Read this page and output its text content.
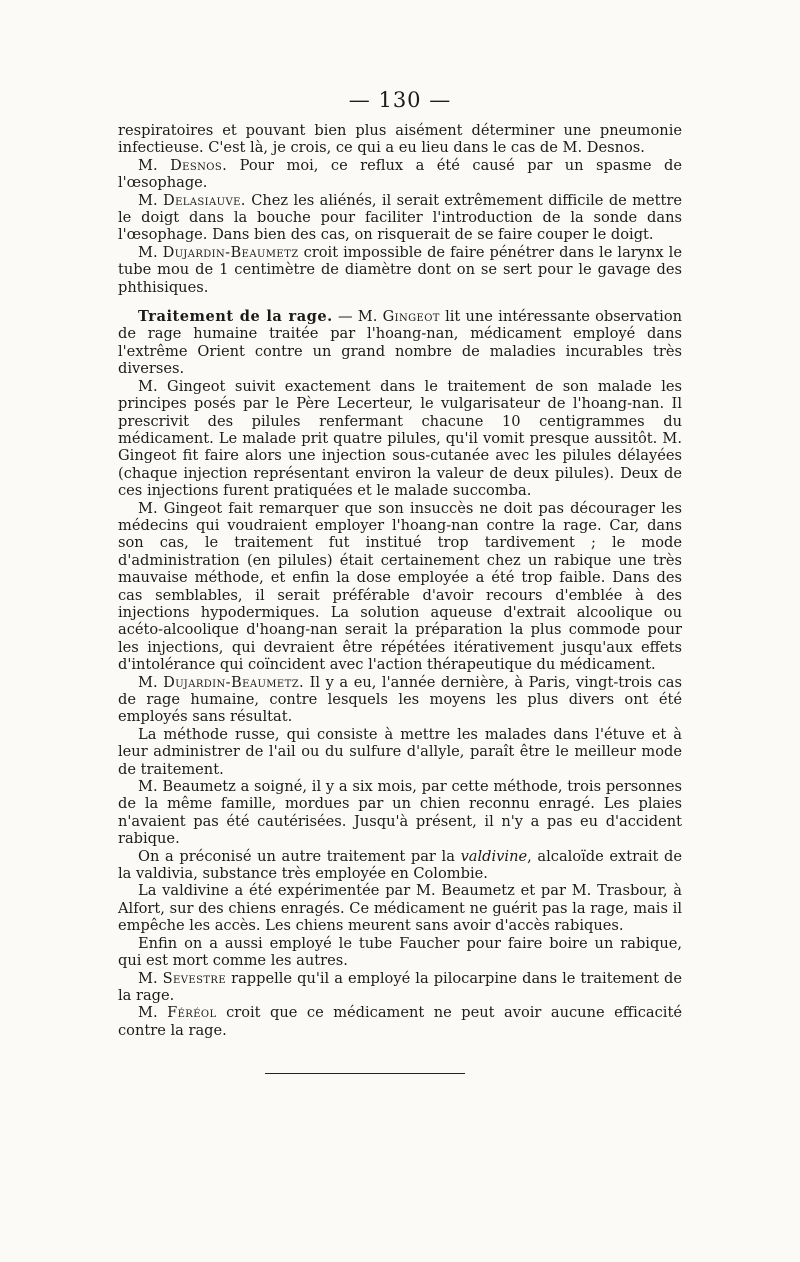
— 130 —

respiratoires et pouvant bien plus aisément déterminer une pneumonie infectieuse. C'est là, je crois, ce qui a eu lieu dans le cas de M. Desnos.

M. Desnos. Pour moi, ce reflux a été causé par un spasme de l'œsophage.

M. Delasiauve. Chez les aliénés, il serait extrêmement difficile de mettre le doigt dans la bouche pour faciliter l'introduction de la sonde dans l'œsophage. Dans bien des cas, on risquerait de se faire couper le doigt.

M. Dujardin-Beaumetz croit impossible de faire pénétrer dans le larynx le tube mou de 1 centimètre de diamètre dont on se sert pour le gavage des phthisiques.

Traitement de la rage. — M. Gingeot lit une intéressante observation de rage humaine traitée par l'hoang-nan, médicament employé dans l'extrême Orient contre un grand nombre de maladies incurables très diverses.

M. Gingeot suivit exactement dans le traitement de son malade les principes posés par le Père Lecerteur, le vulgarisateur de l'hoang-nan. Il prescrivit des pilules renfermant chacune 10 centigrammes du médicament. Le malade prit quatre pilules, qu'il vomit presque aussitôt. M. Gingeot fit faire alors une injection sous-cutanée avec les pilules délayées (chaque injection représentant environ la valeur de deux pilules). Deux de ces injections furent pratiquées et le malade succomba.

M. Gingeot fait remarquer que son insuccès ne doit pas décourager les médecins qui voudraient employer l'hoang-nan contre la rage. Car, dans son cas, le traitement fut institué trop tardivement ; le mode d'administration (en pilules) était certainement chez un rabique une très mauvaise méthode, et enfin la dose employée a été trop faible. Dans des cas semblables, il serait préférable d'avoir recours d'emblée à des injections hypodermiques. La solution aqueuse d'extrait alcoolique ou acéto-alcoolique d'hoang-nan serait la préparation la plus commode pour les injections, qui devraient être répétées itérativement jusqu'aux effets d'intolérance qui coïncident avec l'action thérapeutique du médicament.

M. Dujardin-Beaumetz. Il y a eu, l'année dernière, à Paris, vingt-trois cas de rage humaine, contre lesquels les moyens les plus divers ont été employés sans résultat.

La méthode russe, qui consiste à mettre les malades dans l'étuve et à leur administrer de l'ail ou du sulfure d'allyle, paraît être le meilleur mode de traitement.

M. Beaumetz a soigné, il y a six mois, par cette méthode, trois personnes de la même famille, mordues par un chien reconnu enragé. Les plaies n'avaient pas été cautérisées. Jusqu'à présent, il n'y a pas eu d'accident rabique.

On a préconisé un autre traitement par la valdivine, alcaloïde extrait de la valdivia, substance très employée en Colombie.

La valdivine a été expérimentée par M. Beaumetz et par M. Trasbour, à Alfort, sur des chiens enragés. Ce médicament ne guérit pas la rage, mais il empêche les accès. Les chiens meurent sans avoir d'accès rabiques.

Enfin on a aussi employé le tube Faucher pour faire boire un rabique, qui est mort comme les autres.

M. Sevestre rappelle qu'il a employé la pilocarpine dans le traitement de la rage.

M. Féréol croit que ce médicament ne peut avoir aucune efficacité contre la rage.
